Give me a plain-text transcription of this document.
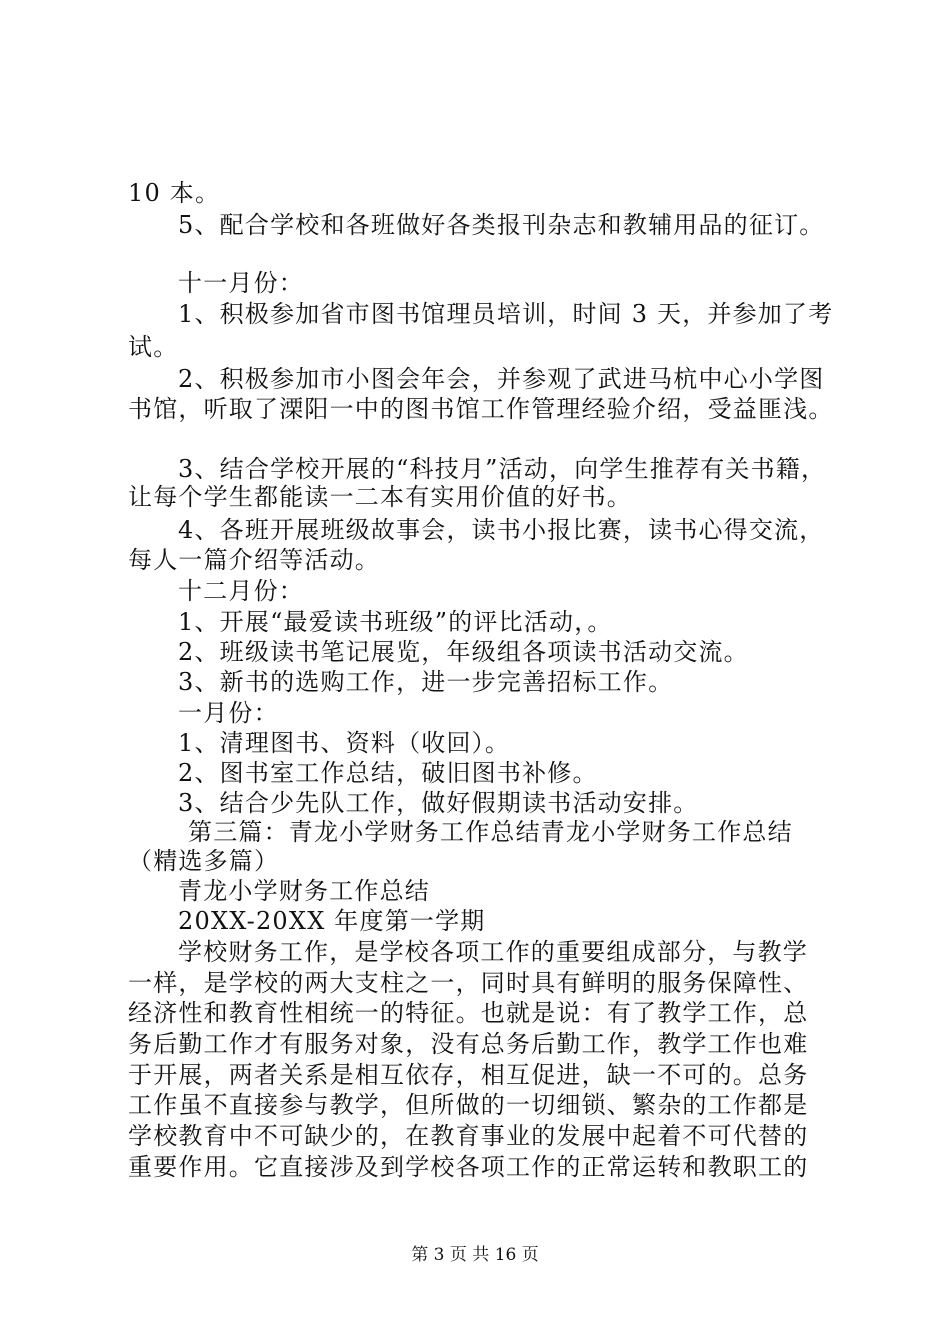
10 本。

5、配合学校和各班做好各类报刊杂志和教辅用品的征订。

十一月份：

1、积极参加省市图书馆理员培训，时间 3 天，并参加了考

试。

2、积极参加市小图会年会，并参观了武进马杭中心小学图

书馆，听取了溧阳一中的图书馆工作管理经验介绍，受益匪浅。

3、结合学校开展的“科技月”活动，向学生推荐有关书籍，

让每个学生都能读一二本有实用价值的好书。

4、各班开展班级故事会，读书小报比赛，读书心得交流，

每人一篇介绍等活动。

十二月份：

1、开展“最爱读书班级”的评比活动，。

2、班级读书笔记展览，年级组各项读书活动交流。

3、新书的选购工作，进一步完善招标工作。

一月份：

1、清理图书、资料（收回）。

2、图书室工作总结，破旧图书补修。

3、结合少先队工作，做好假期读书活动安排。

第三篇：青龙小学财务工作总结青龙小学财务工作总结

（精选多篇）

青龙小学财务工作总结

20XX-20XX 年度第一学期

学校财务工作，是学校各项工作的重要组成部分，与教学

一样，是学校的两大支柱之一，同时具有鲜明的服务保障性、

经济性和教育性相统一的特征。也就是说：有了教学工作，总

务后勤工作才有服务对象，没有总务后勤工作，教学工作也难

于开展，两者关系是相互依存，相互促进，缺一不可的。总务

工作虽不直接参与教学，但所做的一切细锁、繁杂的工作都是

学校教育中不可缺少的，在教育事业的发展中起着不可代替的

重要作用。它直接涉及到学校各项工作的正常运转和教职工的

第 3 页 共 16 页
